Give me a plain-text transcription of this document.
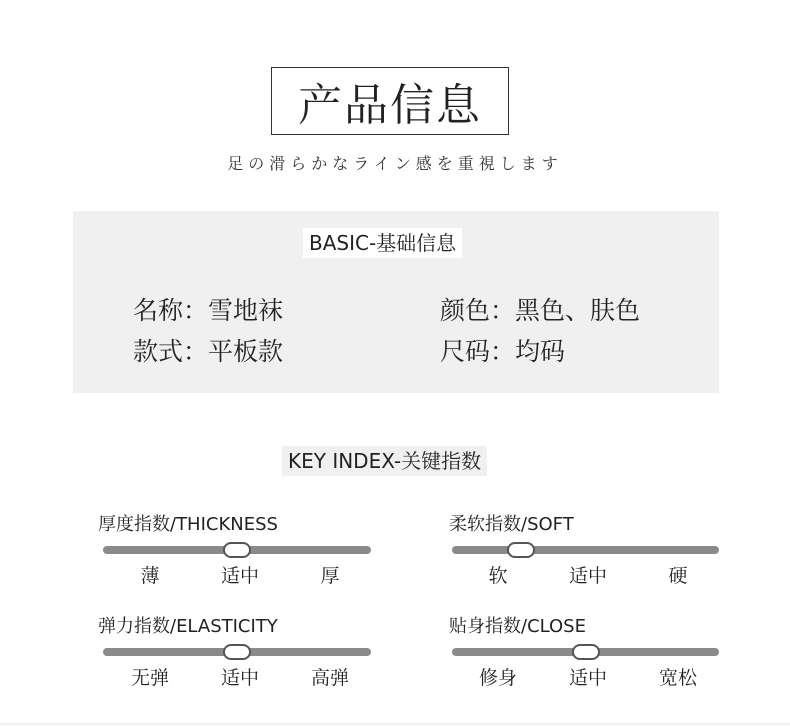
产品信息
足の滑らかなライン感を重視します
BASIC-基础信息
名称：雪地袜	颜色：黑色、肤色
款式：平板款	尺码：均码
KEY INDEX-关键指数
厚度指数/THICKNESS
薄	适中	厚
柔软指数/SOFT
软	适中	硬
弹力指数/ELASTICITY
无弹	适中	高弹
贴身指数/CLOSE
修身	适中	宽松
